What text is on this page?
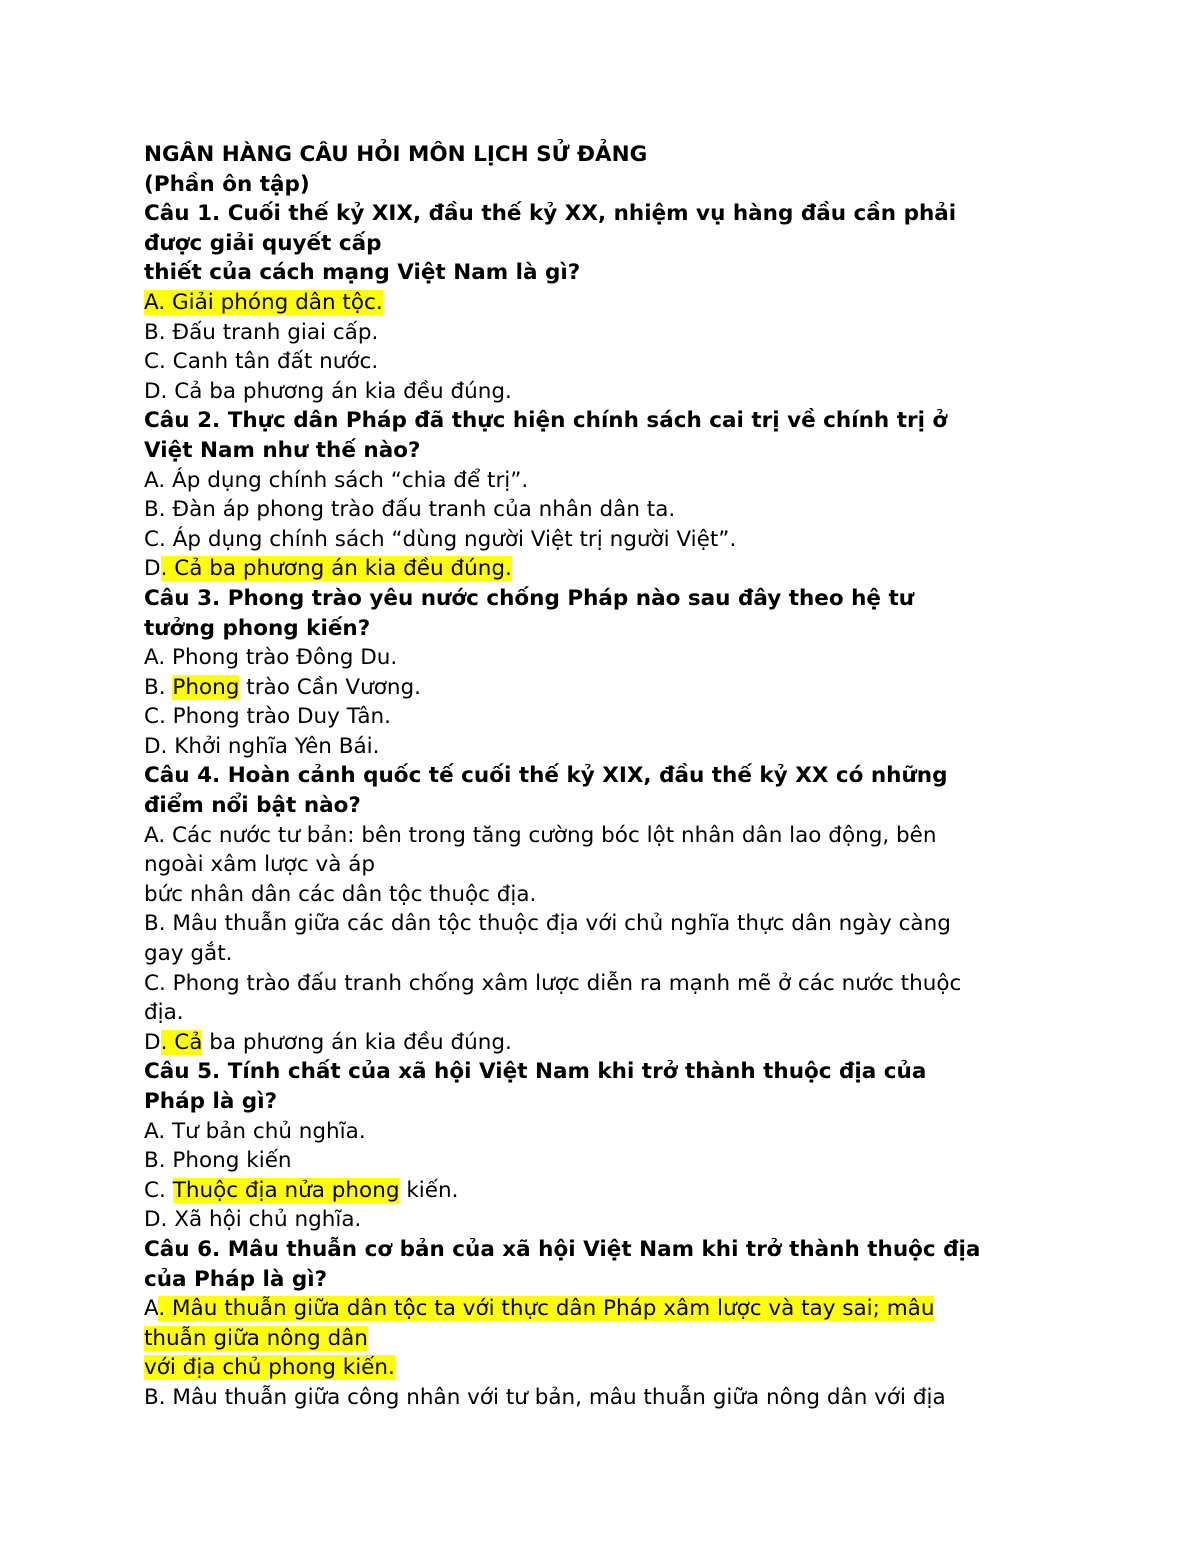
NGÂN HÀNG CÂU HỎI MÔN LỊCH SỬ ĐẢNG
(Phần ôn tập)
Câu 1. Cuối thế kỷ XIX, đầu thế kỷ XX, nhiệm vụ hàng đầu cần phải
được giải quyết cấp
thiết của cách mạng Việt Nam là gì?
A. Giải phóng dân tộc.
B. Đấu tranh giai cấp.
C. Canh tân đất nước.
D. Cả ba phương án kia đều đúng.
Câu 2. Thực dân Pháp đã thực hiện chính sách cai trị về chính trị ở
Việt Nam như thế nào?
A. Áp dụng chính sách “chia để trị”.
B. Đàn áp phong trào đấu tranh của nhân dân ta.
C. Áp dụng chính sách “dùng người Việt trị người Việt”.
D. Cả ba phương án kia đều đúng.
Câu 3. Phong trào yêu nước chống Pháp nào sau đây theo hệ tư
tưởng phong kiến?
A. Phong trào Đông Du.
B. Phong trào Cần Vương.
C. Phong trào Duy Tân.
D. Khởi nghĩa Yên Bái.
Câu 4. Hoàn cảnh quốc tế cuối thế kỷ XIX, đầu thế kỷ XX có những
điểm nổi bật nào?
A. Các nước tư bản: bên trong tăng cường bóc lột nhân dân lao động, bên
ngoài xâm lược và áp
bức nhân dân các dân tộc thuộc địa.
B. Mâu thuẫn giữa các dân tộc thuộc địa với chủ nghĩa thực dân ngày càng
gay gắt.
C. Phong trào đấu tranh chống xâm lược diễn ra mạnh mẽ ở các nước thuộc
địa.
D. Cả ba phương án kia đều đúng.
Câu 5. Tính chất của xã hội Việt Nam khi trở thành thuộc địa của
Pháp là gì?
A. Tư bản chủ nghĩa.
B. Phong kiến
C. Thuộc địa nửa phong kiến.
D. Xã hội chủ nghĩa.
Câu 6. Mâu thuẫn cơ bản của xã hội Việt Nam khi trở thành thuộc địa
của Pháp là gì?
A. Mâu thuẫn giữa dân tộc ta với thực dân Pháp xâm lược và tay sai; mâu
thuẫn giữa nông dân
với địa chủ phong kiến.
B. Mâu thuẫn giữa công nhân với tư bản, mâu thuẫn giữa nông dân với địa
